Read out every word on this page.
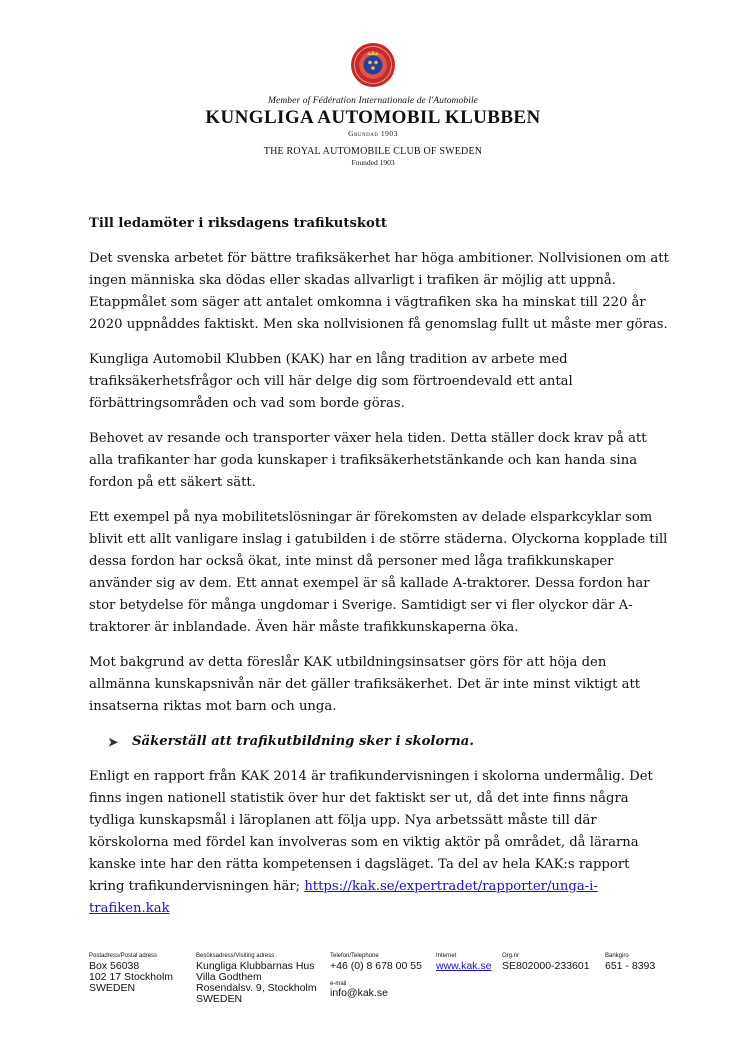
Member of Fédération Internationale de l'Automobile
KUNGLIGA AUTOMOBIL KLUBBEN
Grundad 1903
THE ROYAL AUTOMOBILE CLUB OF SWEDEN
Founded 1903

Till ledamöter i riksdagens trafikutskott

Det svenska arbetet för bättre trafiksäkerhet har höga ambitioner. Nollvisionen om att ingen människa ska dödas eller skadas allvarligt i trafiken är möjlig att uppnå. Etappmålet som säger att antalet omkomna i vägtrafiken ska ha minskat till 220 år 2020 uppnåddes faktiskt. Men ska nollvisionen få genomslag fullt ut måste mer göras.

Kungliga Automobil Klubben (KAK) har en lång tradition av arbete med trafiksäkerhetsfrågor och vill här delge dig som förtroendevald ett antal förbättringsområden och vad som borde göras.

Behovet av resande och transporter växer hela tiden. Detta ställer dock krav på att alla trafikanter har goda kunskaper i trafiksäkerhetstänkande och kan handa sina fordon på ett säkert sätt.

Ett exempel på nya mobilitetslösningar är förekomsten av delade elsparkcyklar som blivit ett allt vanligare inslag i gatubilden i de större städerna. Olyckorna kopplade till dessa fordon har också ökat, inte minst då personer med låga trafikkunskaper använder sig av dem. Ett annat exempel är så kallade A-traktorer. Dessa fordon har stor betydelse för många ungdomar i Sverige. Samtidigt ser vi fler olyckor där A-traktorer är inblandade. Även här måste trafikkunskaperna öka.

Mot bakgrund av detta föreslår KAK utbildningsinsatser görs för att höja den allmänna kunskapsnivån när det gäller trafiksäkerhet. Det är inte minst viktigt att insatserna riktas mot barn och unga.

➤	Säkerställ att trafikutbildning sker i skolorna.

Enligt en rapport från KAK 2014 är trafikundervisningen i skolorna undermålig. Det finns ingen nationell statistik över hur det faktiskt ser ut, då det inte finns några tydliga kunskapsmål i läroplanen att följa upp. Nya arbetssätt måste till där körskolorna med fördel kan involveras som en viktig aktör på området, då lärarna kanske inte har den rätta kompetensen i dagsläget. Ta del av hela KAK:s rapport kring trafikundervisningen här; https://kak.se/expertradet/rapporter/unga-i-trafiken.kak

Postadress/Postal adress
Box 56038
102 17 Stockholm
SWEDEN
Besöksadress/Visiting adress
Kungliga Klubbarnas Hus
Villa Godthem
Rosendalsv. 9, Stockholm
SWEDEN
Telefon/Telephone
+46 (0) 8 678 00 55
e-mail
info@kak.se
Internet
www.kak.se
Org.nr
SE802000-233601
Bankgiro
651 - 8393
